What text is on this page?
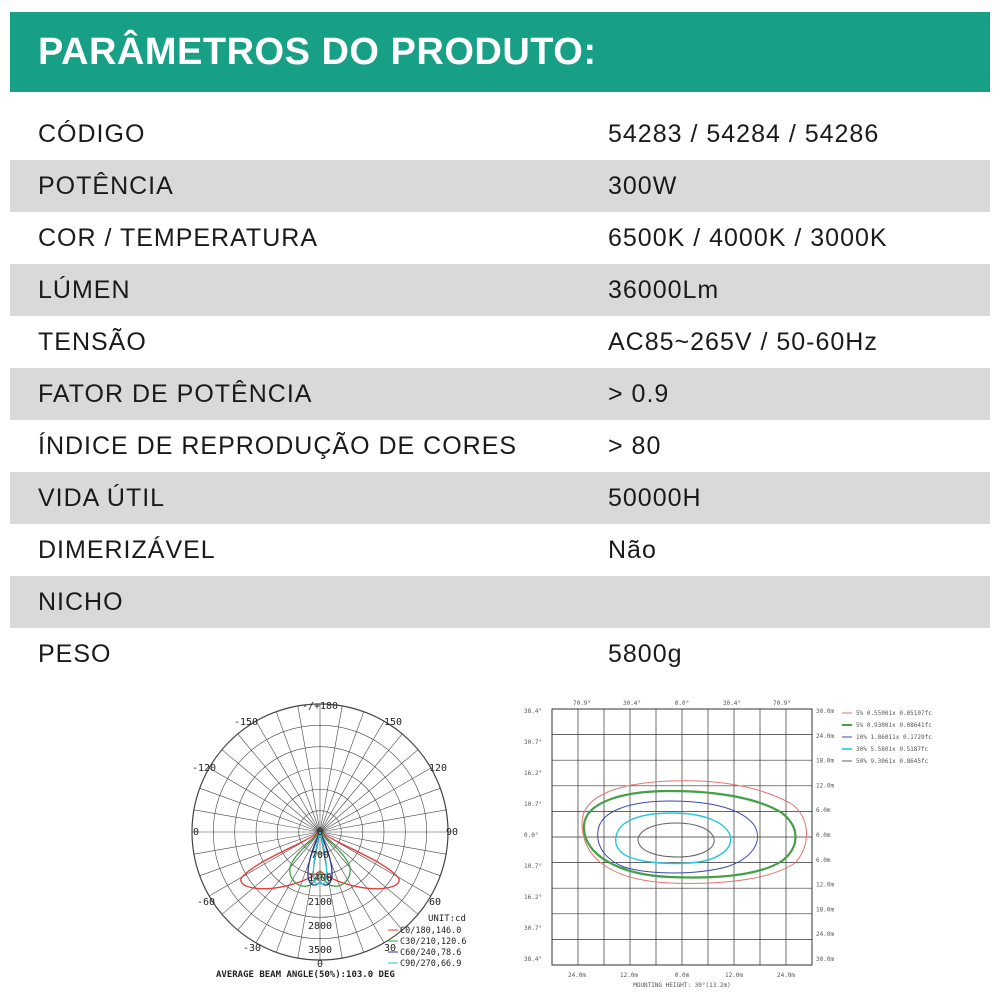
PARÂMETROS DO PRODUTO:
CÓDIGO	54283 / 54284 / 54286
POTÊNCIA	300W
COR / TEMPERATURA	6500K / 4000K / 3000K
LÚMEN	36000Lm
TENSÃO	AC85~265V / 50-60Hz
FATOR DE POTÊNCIA	> 0.9
ÍNDICE DE REPRODUÇÃO DE CORES	> 80
VIDA ÚTIL	50000H
DIMERIZÁVEL	Não
NICHO
PESO	5800g
-/+180
-150	150
-120	120
0	90
-60	60
-30	30
0
0
700
1400
2100
2800
3500
UNIT:cd
C0/180,146.0
C30/210,120.6
C60/240,78.6
C90/270,66.9
AVERAGE BEAM ANGLE(50%):103.0 DEG
70.9°	30.4°	0.0°	30.4°	70.9°
38.4°
30.7°
16.2°
10.7°
0.0°
10.7°
16.2°
30.7°
38.4°
30.0m
24.0m
18.0m
12.0m
6.0m
0.0m
6.0m
12.0m
18.0m
24.0m
30.0m
24.0m	12.0m	0.0m	12.0m	24.0m
MOUNTING HEIGHT: 30°(13.2m)
5% 0.55001x 0.05107fc
5% 0.93001x 0.08641fc
10% 1.86011x 0.1729fc
30% 5.5801x 0.5187fc
50% 9.3061x 0.8645fc
